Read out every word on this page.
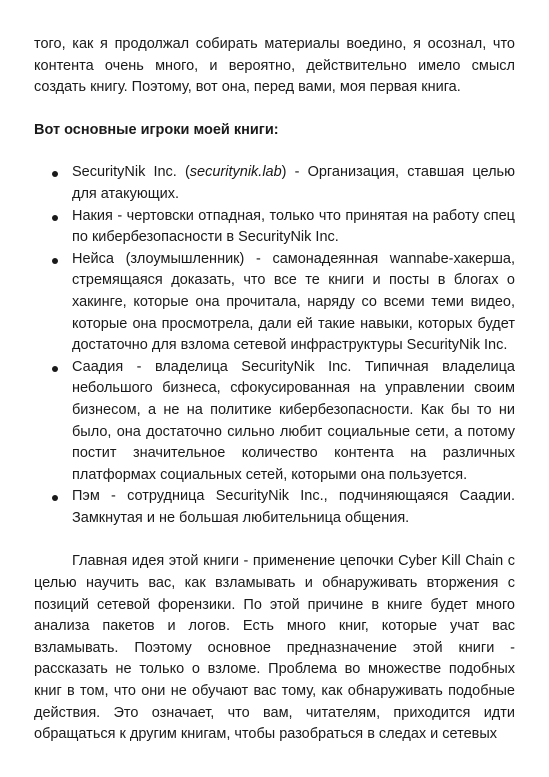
того, как я продолжал собирать материалы воедино, я осознал, что контента очень много, и вероятно, действительно имело смысл создать книгу. Поэтому, вот она, перед вами, моя первая книга.

Вот основные игроки моей книги:

SecurityNik Inc. (securitynik.lab) - Организация, ставшая целью для атакующих.
Накия - чертовски отпадная, только что принятая на работу спец по кибербезопасности в SecurityNik Inc.
Нейса (злоумышленник) - самонадеянная wannabe-хакерша, стремящаяся доказать, что все те книги и посты в блогах о хакинге, которые она прочитала, наряду со всеми теми видео, которые она просмотрела, дали ей такие навыки, которых будет достаточно для взлома сетевой инфраструктуры SecurityNik Inc.
Саадия - владелица SecurityNik Inc. Типичная владелица небольшого бизнеса, сфокусированная на управлении своим бизнесом, а не на политике кибербезопасности. Как бы то ни было, она достаточно сильно любит социальные сети, а потому постит значительное количество контента на различных платформах социальных сетей, которыми она пользуется.
Пэм - сотрудница SecurityNik Inc., подчиняющаяся Саадии. Замкнутая и не большая любительница общения.

Главная идея этой книги - применение цепочки Cyber Kill Chain с целью научить вас, как взламывать и обнаруживать вторжения с позиций сетевой форензики. По этой причине в книге будет много анализа пакетов и логов. Есть много книг, которые учат вас взламывать. Поэтому основное предназначение этой книги - рассказать не только о взломе. Проблема во множестве подобных книг в том, что они не обучают вас тому, как обнаруживать подобные действия. Это означает, что вам, читателям, приходится идти обращаться к другим книгам, чтобы разобраться в следах и сетевых
